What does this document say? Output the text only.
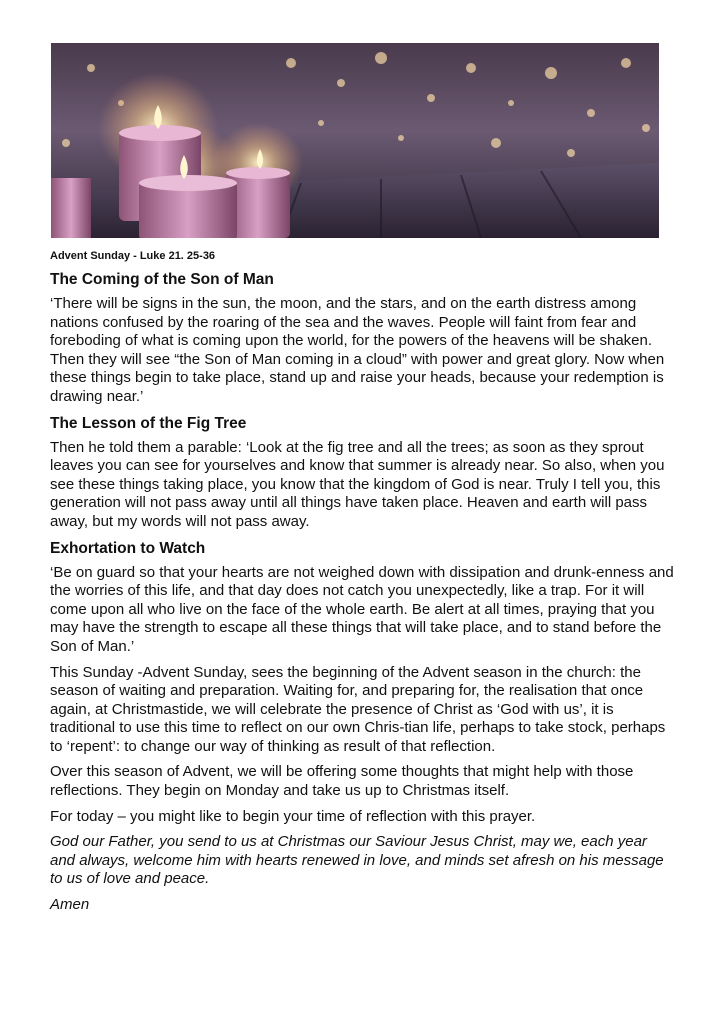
Advent Sunday - Luke 21. 25-36
The Coming of the Son of Man

‘There will be signs in the sun, the moon, and the stars, and on the earth distress among nations confused by the roaring of the sea and the waves. People will faint from fear and foreboding of what is coming upon the world, for the powers of the heavens will be shaken. Then they will see “the Son of Man coming in a cloud” with power and great glory. Now when these things begin to take place, stand up and raise your heads, because your redemption is drawing near.’

The Lesson of the Fig Tree

Then he told them a parable: ‘Look at the fig tree and all the trees; as soon as they sprout leaves you can see for yourselves and know that summer is already near. So also, when you see these things taking place, you know that the kingdom of God is near. Truly I tell you, this generation will not pass away until all things have taken place. Heaven and earth will pass away, but my words will not pass away.

Exhortation to Watch

‘Be on guard so that your hearts are not weighed down with dissipation and drunk-enness and the worries of this life, and that day does not catch you unexpectedly, like a trap. For it will come upon all who live on the face of the whole earth. Be alert at all times, praying that you may have the strength to escape all these things that will take place, and to stand before the Son of Man.’

This Sunday -Advent Sunday, sees the beginning of the Advent season in the church: the season of waiting and preparation. Waiting for, and preparing for, the realisation that once again, at Christmastide, we will celebrate the presence of Christ as ‘God with us’, it is traditional to use this time to reflect on our own Chris-tian life, perhaps to take stock, perhaps to ‘repent’: to change our way of thinking as result of that reflection.

Over this season of Advent, we will be offering some thoughts that might help with those reflections. They begin on Monday and take us up to Christmas itself.

For today – you might like to begin your time of reflection with this prayer.

God our Father, you send to us at Christmas our Saviour Jesus Christ, may we, each year and always, welcome him with hearts renewed in love, and minds set afresh on his message to us of love and peace.

Amen
